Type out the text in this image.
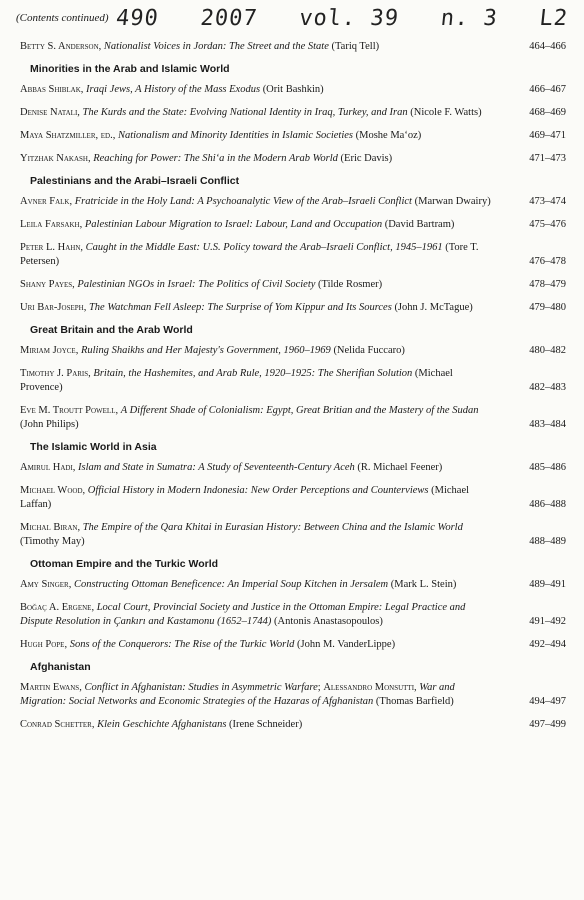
(Contents continued) 490 2007 vol. 39 n. 3 L2
Betty S. Anderson, Nationalist Voices in Jordan: The Street and the State (Tariq Tell)	464–466
Minorities in the Arab and Islamic World
Abbas Shiblak, Iraqi Jews, A History of the Mass Exodus (Orit Bashkin)	466–467
Denise Natali, The Kurds and the State: Evolving National Identity in Iraq, Turkey, and Iran (Nicole F. Watts)	468–469
Maya Shatzmiller, ed., Nationalism and Minority Identities in Islamic Societies (Moshe Ma‘oz)	469–471
Yitzhak Nakash, Reaching for Power: The Shi‘a in the Modern Arab World (Eric Davis)	471–473
Palestinians and the Arabi–Israeli Conflict
Avner Falk, Fratricide in the Holy Land: A Psychoanalytic View of the Arab–Israeli Conflict (Marwan Dwairy)	473–474
Leila Farsakh, Palestinian Labour Migration to Israel: Labour, Land and Occupation (David Bartram)	475–476
Peter L. Hahn, Caught in the Middle East: U.S. Policy toward the Arab–Israeli Conflict, 1945–1961 (Tore T. Petersen)	476–478
Shany Payes, Palestinian NGOs in Israel: The Politics of Civil Society (Tilde Rosmer)	478–479
Uri Bar-Joseph, The Watchman Fell Asleep: The Surprise of Yom Kippur and Its Sources (John J. McTague)	479–480
Great Britain and the Arab World
Miriam Joyce, Ruling Shaikhs and Her Majesty's Government, 1960–1969 (Nelida Fuccaro)	480–482
Timothy J. Paris, Britain, the Hashemites, and Arab Rule, 1920–1925: The Sherifian Solution (Michael Provence)	482–483
Eve M. Troutt Powell, A Different Shade of Colonialism: Egypt, Great Britian and the Mastery of the Sudan (John Philips)	483–484
The Islamic World in Asia
Amirul Hadi, Islam and State in Sumatra: A Study of Seventeenth-Century Aceh (R. Michael Feener)	485–486
Michael Wood, Official History in Modern Indonesia: New Order Perceptions and Counterviews (Michael Laffan)	486–488
Michal Biran, The Empire of the Qara Khitai in Eurasian History: Between China and the Islamic World (Timothy May)	488–489
Ottoman Empire and the Turkic World
Amy Singer, Constructing Ottoman Beneficence: An Imperial Soup Kitchen in Jersalem (Mark L. Stein)	489–491
Boğaç A. Ergene, Local Court, Provincial Society and Justice in the Ottoman Empire: Legal Practice and Dispute Resolution in Çankırı and Kastamonu (1652–1744) (Antonis Anastasopoulos)	491–492
Hugh Pope, Sons of the Conquerors: The Rise of the Turkic World (John M. VanderLippe)	492–494
Afghanistan
Martin Ewans, Conflict in Afghanistan: Studies in Asymmetric Warfare; Alessandro Monsutti, War and Migration: Social Networks and Economic Strategies of the Hazaras of Afghanistan (Thomas Barfield)	494–497
Conrad Schetter, Klein Geschichte Afghanistans (Irene Schneider)	497–499
